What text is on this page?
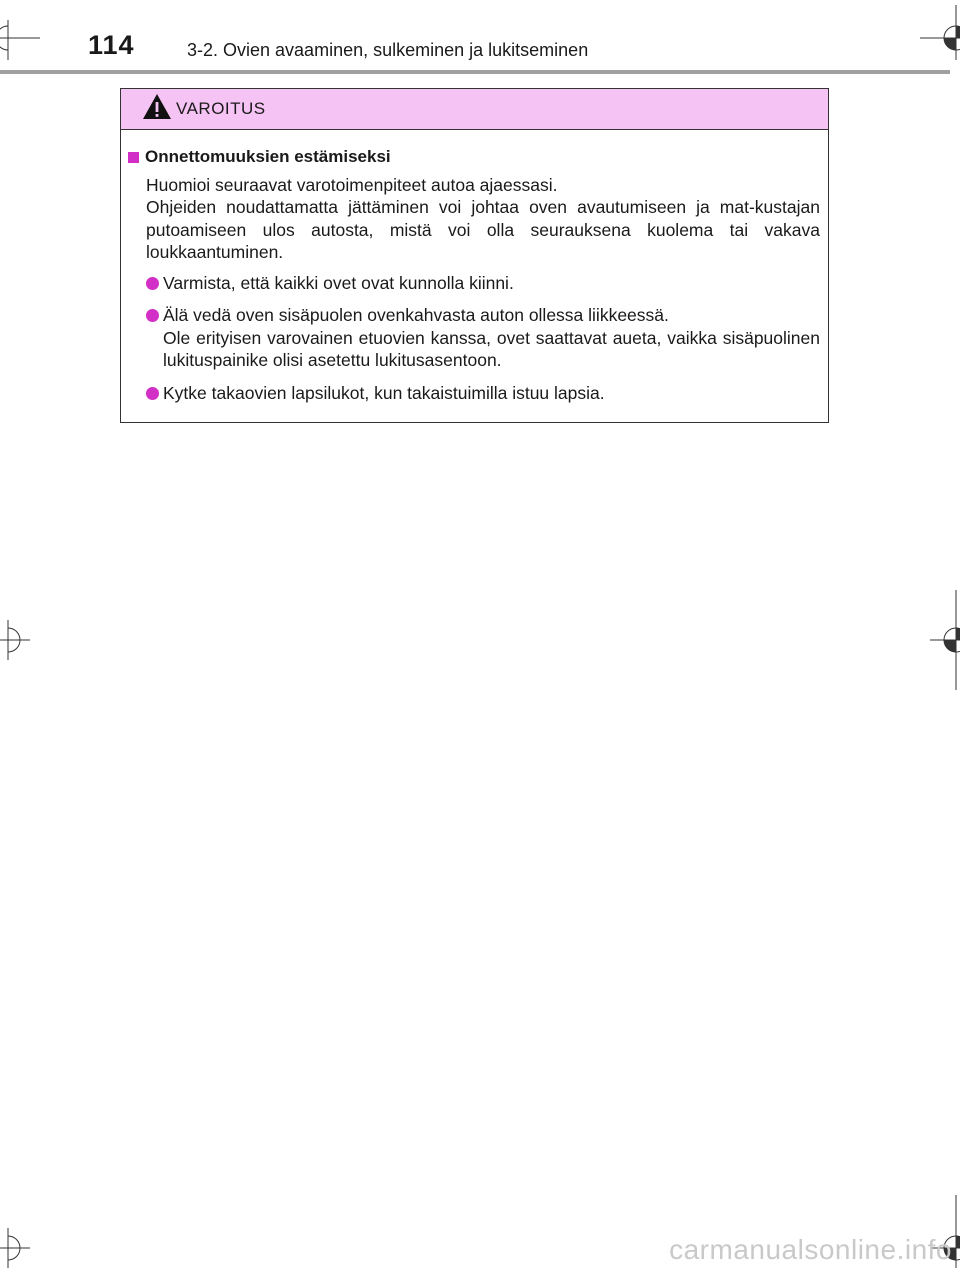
114	3-2. Ovien avaaminen, sulkeminen ja lukitseminen
VAROITUS
Onnettomuuksien estämiseksi

Huomioi seuraavat varotoimenpiteet autoa ajaessasi.

Ohjeiden noudattamatta jättäminen voi johtaa oven avautumiseen ja mat-kustajan putoamiseen ulos autosta, mistä voi olla seurauksena kuolema tai vakava loukkaantuminen.

Varmista, että kaikki ovet ovat kunnolla kiinni.
Älä vedä oven sisäpuolen ovenkahvasta auton ollessa liikkeessä.
Ole erityisen varovainen etuovien kanssa, ovet saattavat aueta, vaikka sisäpuolinen lukituspainike olisi asetettu lukitusasentoon.
Kytke takaovien lapsilukot, kun takaistuimilla istuu lapsia.
carmanualsonline.info
